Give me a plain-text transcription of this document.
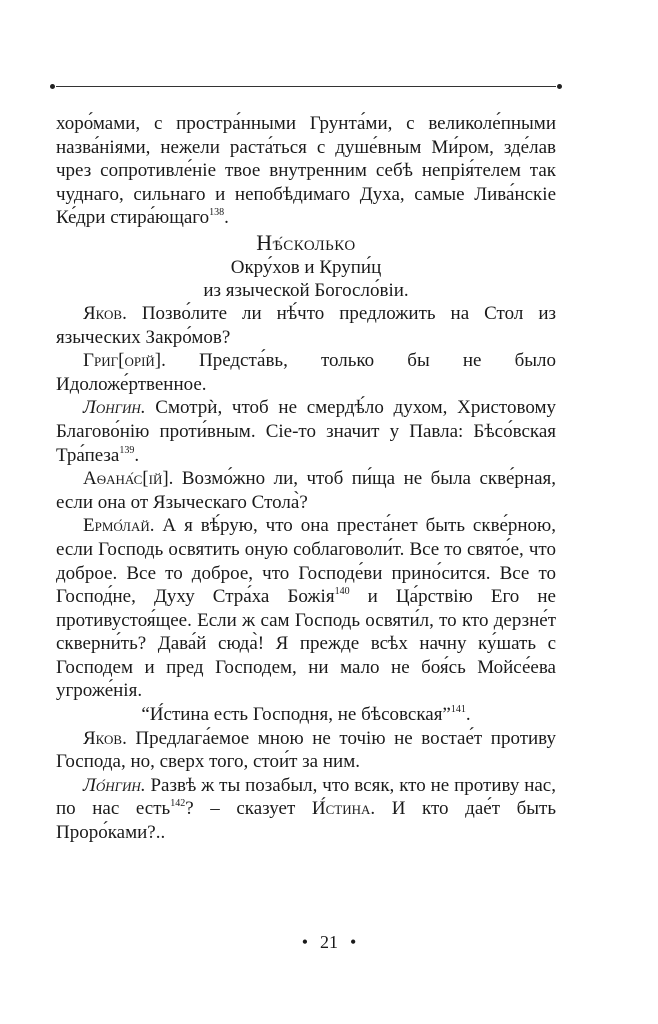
хоро́мами, с простра́нными Грунта́ми, с великоле́пными назва́ніями, нежели раста́ться с душе́вным Ми́ром, зде́лав чрез сопротивле́ніе твое внутренним себѣ непрія́телем так чуднаго, сильнаго и непобѣдимаго Духа, самые Лива́нскіе Ке́дри стира́ющаго$^{138}$.

Нѣ́сколько

Окру́хов и Крупи́ц

из языческой Богосло́віи.

Яков. Позво́лите ли нѣ́что предложить на Стол из языческих Закро́мов?

Григ[орій]. Предста́вь, только бы не было Идоложе́ртвенное.

Лонгин. Смотрѝ, чтоб не смердѣ́ло духом, Христовому Благово́нію проти́вным. Сіе-то значит у Павла: Бѣсо́вская Тра́пеза$^{139}$.

Аѳана́с[ій]. Возмо́жно ли, чтоб пи́ща не была скве́рная, если она от Языческаго Стола̀?

Ермо́лай. А я вѣ́рую, что она преста́нет быть скве́рною, если Господь освятить оную соблаговоли́т. Все то свято́е, что доброе. Все то доброе, что Господе́ви прино́сится. Все то Господ́не, Духу Стра́ха Божія$^{140}$ и Ца́рствію Его не противустоя́щее. Если ж сам Господь освяти́л, то кто дерзне́т скверни́ть? Дава́й сюда̀! Я прежде всѣх начну ку́шать с Господем и пред Господем, ни мало не боя́сь Мойсе́ева угроже́нія.

“И́стина есть Господня, не бѣсовская”$^{141}$.

Яков. Предлага́емое мною не точію не востае́т противу Господа, но, сверх того, стои́т за ним.

Ло́нгин. Развѣ ж ты позабыл, что всяк, кто не противу нас, по нас есть$^{142}$? – сказует И́стина. И кто дае́т быть Проро́ками?..

• 21 •
